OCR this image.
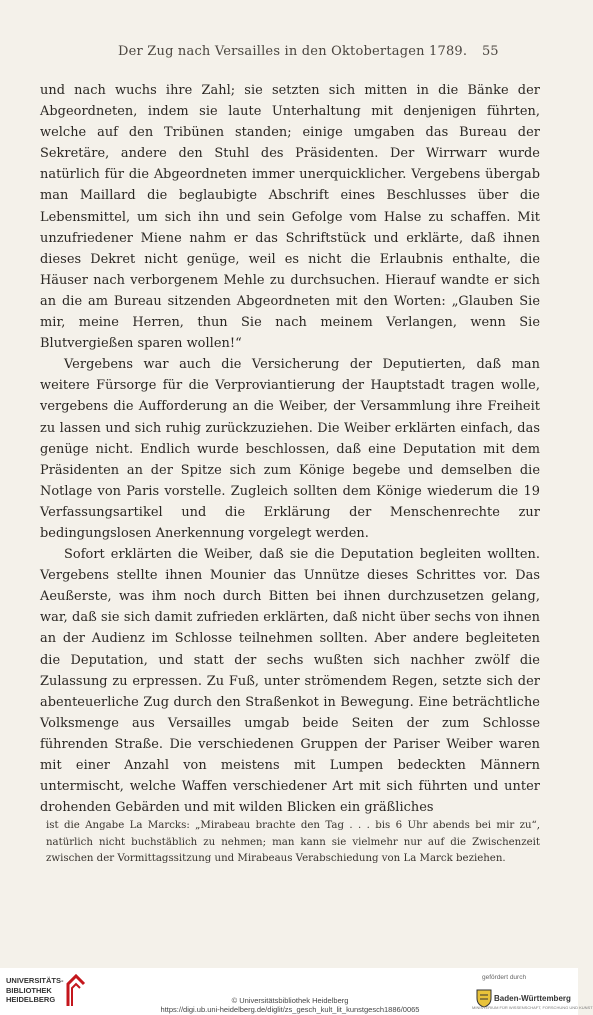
Der Zug nach Versailles in den Oktobertagen 1789. 55

und nach wuchs ihre Zahl; sie setzten sich mitten in die Bänke der Abgeordneten, indem sie laute Unterhaltung mit denjenigen führten, welche auf den Tribünen standen; einige umgaben das Bureau der Sekretäre, andere den Stuhl des Präsidenten. Der Wirrwarr wurde natürlich für die Abgeordneten immer unerquicklicher. Vergebens übergab man Maillard die beglaubigte Abschrift eines Beschlusses über die Lebensmittel, um sich ihn und sein Gefolge vom Halse zu schaffen. Mit unzufriedener Miene nahm er das Schriftstück und erklärte, daß ihnen dieses Dekret nicht genüge, weil es nicht die Erlaubnis enthalte, die Häuser nach verborgenem Mehle zu durchsuchen. Hierauf wandte er sich an die am Bureau sitzenden Abgeordneten mit den Worten: „Glauben Sie mir, meine Herren, thun Sie nach meinem Verlangen, wenn Sie Blutvergießen sparen wollen!“

Vergebens war auch die Versicherung der Deputierten, daß man weitere Fürsorge für die Verproviantierung der Hauptstadt tragen wolle, vergebens die Aufforderung an die Weiber, der Versammlung ihre Freiheit zu lassen und sich ruhig zurückzuziehen. Die Weiber erklärten einfach, das genüge nicht. Endlich wurde beschlossen, daß eine Deputation mit dem Präsidenten an der Spitze sich zum Könige begebe und demselben die Notlage von Paris vorstelle. Zugleich sollten dem Könige wiederum die 19 Verfassungsartikel und die Erklärung der Menschenrechte zur bedingungslosen Anerkennung vorgelegt werden.

Sofort erklärten die Weiber, daß sie die Deputation begleiten wollten. Vergebens stellte ihnen Mounier das Unnütze dieses Schrittes vor. Das Aeußerste, was ihm noch durch Bitten bei ihnen durchzusetzen gelang, war, daß sie sich damit zufrieden erklärten, daß nicht über sechs von ihnen an der Audienz im Schlosse teilnehmen sollten. Aber andere begleiteten die Deputation, und statt der sechs wußten sich nachher zwölf die Zulassung zu erpressen. Zu Fuß, unter strömendem Regen, setzte sich der abenteuerliche Zug durch den Straßenkot in Bewegung. Eine beträchtliche Volksmenge aus Versailles umgab beide Seiten der zum Schlosse führenden Straße. Die verschiedenen Gruppen der Pariser Weiber waren mit einer Anzahl von meistens mit Lumpen bedeckten Männern untermischt, welche Waffen verschiedener Art mit sich führten und unter drohenden Gebärden und mit wilden Blicken ein gräßliches

ist die Angabe La Marcks: „Mirabeau brachte den Tag . . . bis 6 Uhr abends bei mir zu“, natürlich nicht buchstäblich zu nehmen; man kann sie vielmehr nur auf die Zwischenzeit zwischen der Vormittagssitzung und Mirabeaus Verabschiedung von La Marck beziehen.
UNIVERSITÄTS-
BIBLIOTHEK
HEIDELBERG	© Universitätsbibliothek Heidelberg
https://digi.ub.uni-heidelberg.de/diglit/zs_gesch_kult_lit_kunstgesch1886/0065
gefördert durch
Baden-Württemberg
MINISTERIUM FÜR WISSENSCHAFT, FORSCHUNG UND KUNST
